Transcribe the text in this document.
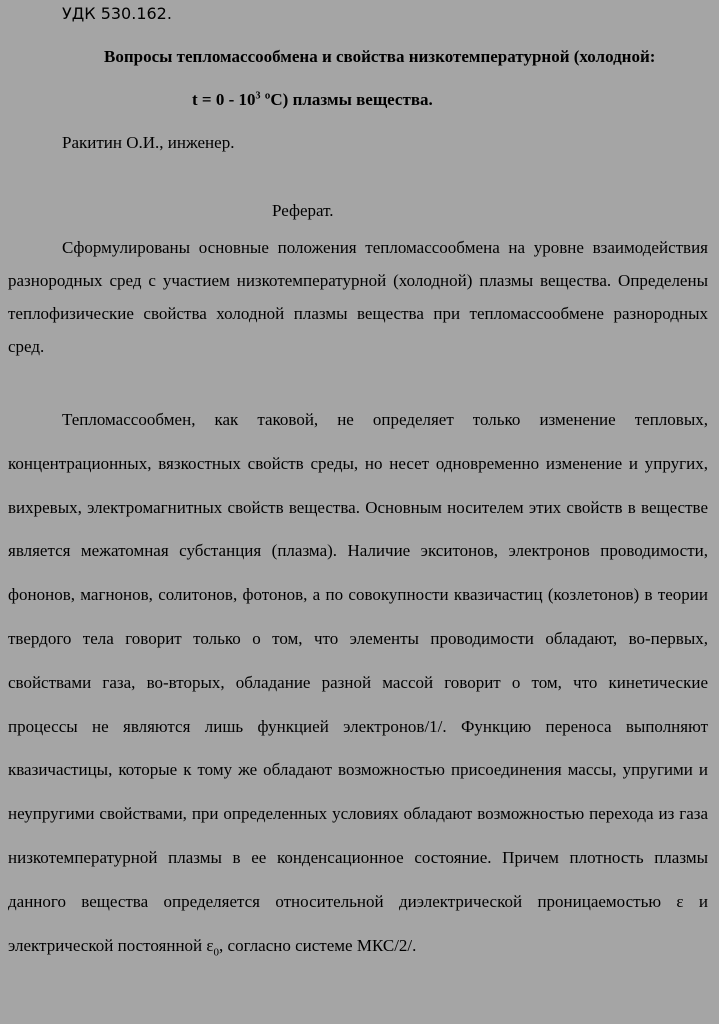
УДК 530.162.
Вопросы тепломассообмена и свойства низкотемпературной (холодной:
$t = 0 - 10^3$ ºС) плазмы вещества.
Ракитин О.И., инженер.
Реферат.

Сформулированы основные положения тепломассообмена на уровне взаимодействия разнородных сред с участием низкотемпературной (холодной) плазмы вещества. Определены теплофизические свойства холодной плазмы вещества при тепломассообмене разнородных сред.

Тепломассообмен, как таковой, не определяет только изменение тепловых, концентрационных, вязкостных свойств среды, но несет одновременно изменение и упругих, вихревых, электромагнитных свойств вещества. Основным носителем этих свойств в веществе является межатомная субстанция (плазма). Наличие экситонов, электронов проводимости, фононов, магнонов, солитонов, фотонов, а по совокупности квазичастиц (козлетонов) в теории твердого тела говорит только о том, что элементы проводимости обладают, во-первых, свойствами газа, во-вторых, обладание разной массой говорит о том, что кинетические процессы не являются лишь функцией электронов/1/. Функцию переноса выполняют квазичастицы, которые к тому же обладают возможностью присоединения массы, упругими и неупругими свойствами, при определенных условиях обладают возможностью перехода из газа низкотемпературной плазмы в ее конденсационное состояние. Причем плотность плазмы данного вещества определяется относительной диэлектрической проницаемостью ε и электрической постоянной $\varepsilon_0$, согласно системе МКС/2/.
